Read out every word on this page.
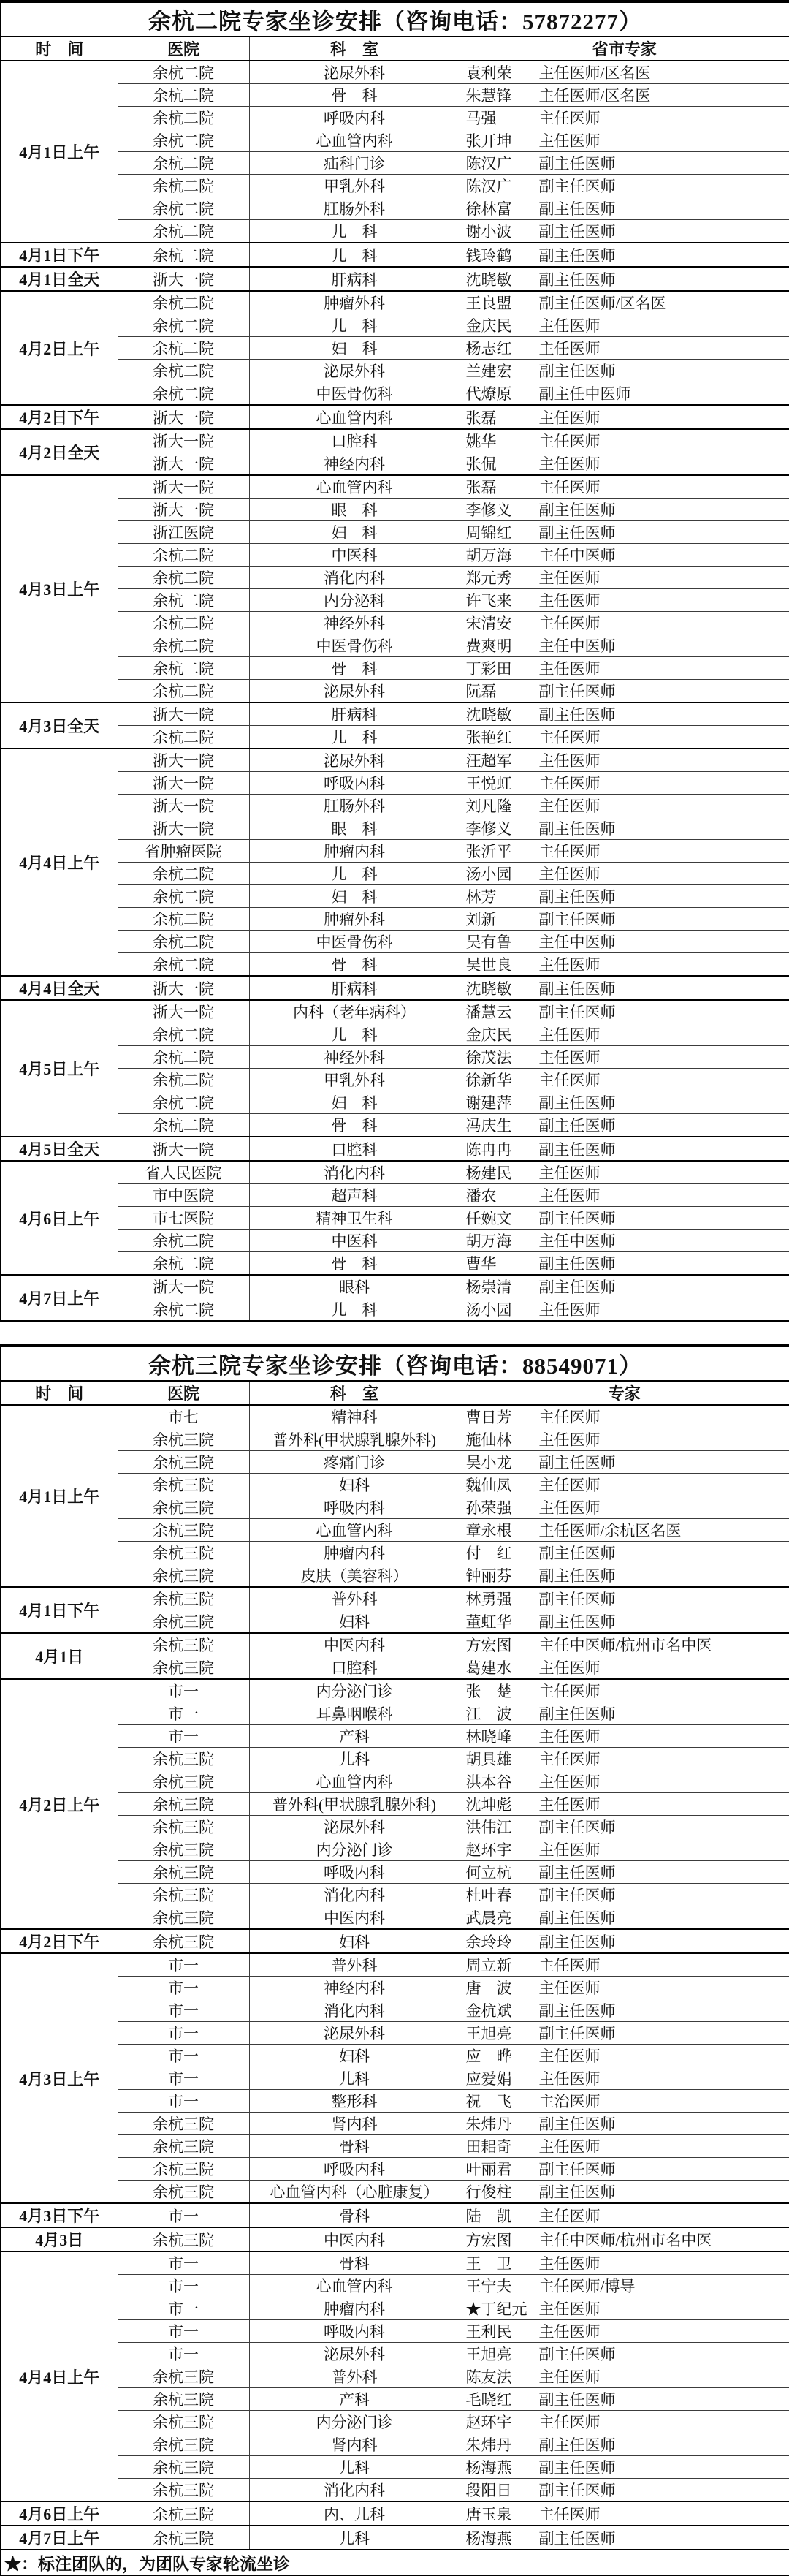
余杭二院专家坐诊安排（咨询电话：57872277）			
时　间	医院	科　室	省市专家
4月1日上午	余杭二院	泌尿外科	袁利荣 主任医师/区名医
	余杭二院	骨　科	朱慧锋 主任医师/区名医
	余杭二院	呼吸内科	马强 主任医师
	余杭二院	心血管内科	张开坤 主任医师
	余杭二院	疝科门诊	陈汉广 副主任医师
	余杭二院	甲乳外科	陈汉广 副主任医师
	余杭二院	肛肠外科	徐林富 副主任医师
	余杭二院	儿　科	谢小波 副主任医师
4月1日下午	余杭二院	儿　科	钱玲鹤 副主任医师
4月1日全天	浙大一院	肝病科	沈晓敏 副主任医师
4月2日上午	余杭二院	肿瘤外科	王良盟 副主任医师/区名医
	余杭二院	儿　科	金庆民 主任医师
	余杭二院	妇　科	杨志红 主任医师
	余杭二院	泌尿外科	兰建宏 副主任医师
	余杭二院	中医骨伤科	代燎原 副主任中医师
4月2日下午	浙大一院	心血管内科	张磊 主任医师
4月2日全天	浙大一院	口腔科	姚华 主任医师
	浙大一院	神经内科	张侃 主任医师
4月3日上午	浙大一院	心血管内科	张磊 主任医师
	浙大一院	眼　科	李修义 副主任医师
	浙江医院	妇　科	周锦红 副主任医师
	余杭二院	中医科	胡万海 主任中医师
	余杭二院	消化内科	郑元秀 主任医师
	余杭二院	内分泌科	许飞来 主任医师
	余杭二院	神经外科	宋清安 主任医师
	余杭二院	中医骨伤科	费爽明 主任中医师
	余杭二院	骨　科	丁彩田 主任医师
	余杭二院	泌尿外科	阮磊 副主任医师
4月3日全天	浙大一院	肝病科	沈晓敏 副主任医师
	余杭二院	儿　科	张艳红 主任医师
4月4日上午	浙大一院	泌尿外科	汪超军 主任医师
	浙大一院	呼吸内科	王悦虹 主任医师
	浙大一院	肛肠外科	刘凡隆 主任医师
	浙大一院	眼　科	李修义 副主任医师
	省肿瘤医院	肿瘤内科	张沂平 主任医师
	余杭二院	儿　科	汤小园 主任医师
	余杭二院	妇　科	林芳 副主任医师
	余杭二院	肿瘤外科	刘新 副主任医师
	余杭二院	中医骨伤科	吴有鲁 主任中医师
	余杭二院	骨　科	吴世良 主任医师
4月4日全天	浙大一院	肝病科	沈晓敏 副主任医师
4月5日上午	浙大一院	内科（老年病科）	潘慧云 副主任医师
	余杭二院	儿　科	金庆民 主任医师
	余杭二院	神经外科	徐茂法 主任医师
	余杭二院	甲乳外科	徐新华 主任医师
	余杭二院	妇　科	谢建萍 副主任医师
	余杭二院	骨　科	冯庆生 副主任医师
4月5日全天	浙大一院	口腔科	陈冉冉 副主任医师
4月6日上午	省人民医院	消化内科	杨建民 主任医师
	市中医院	超声科	潘农 主任医师
	市七医院	精神卫生科	任婉文 副主任医师
	余杭二院	中医科	胡万海 主任中医师
	余杭二院	骨　科	曹华 副主任医师
4月7日上午	浙大一院	眼科	杨崇清 副主任医师
	余杭二院	儿　科	汤小园 主任医师
余杭三院专家坐诊安排（咨询电话：88549071）			
时　间	医院	科　室	专家
4月1日上午	市七	精神科	曹日芳 主任医师
	余杭三院	普外科(甲状腺乳腺外科)	施仙林 主任医师
	余杭三院	疼痛门诊	吴小龙 副主任医师
	余杭三院	妇科	魏仙凤 主任医师
	余杭三院	呼吸内科	孙荣强 主任医师
	余杭三院	心血管内科	章永根 主任医师/余杭区名医
	余杭三院	肿瘤内科	付　红 副主任医师
	余杭三院	皮肤（美容科）	钟丽芬 副主任医师
4月1日下午	余杭三院	普外科	林勇强 副主任医师
	余杭三院	妇科	董虹华 副主任医师
4月1日	余杭三院	中医内科	方宏图 主任中医师/杭州市名中医
	余杭三院	口腔科	葛建水 主任医师
4月2日上午	市一	内分泌门诊	张　楚 主任医师
	市一	耳鼻咽喉科	江　波 副主任医师
	市一	产科	林晓峰 主任医师
	余杭三院	儿科	胡具雄 主任医师
	余杭三院	心血管内科	洪本谷 主任医师
	余杭三院	普外科(甲状腺乳腺外科)	沈坤彪 主任医师
	余杭三院	泌尿外科	洪伟江 副主任医师
	余杭三院	内分泌门诊	赵环宇 主任医师
	余杭三院	呼吸内科	何立杭 副主任医师
	余杭三院	消化内科	杜叶春 副主任医师
	余杭三院	中医内科	武晨亮 副主任医师
4月2日下午	余杭三院	妇科	余玲玲 副主任医师
4月3日上午	市一	普外科	周立新 主任医师
	市一	神经内科	唐　波 主任医师
	市一	消化内科	金杭斌 副主任医师
	市一	泌尿外科	王旭亮 副主任医师
	市一	妇科	应　晔 主任医师
	市一	儿科	应爱娟 主任医师
	市一	整形科	祝　飞 主治医师
	余杭三院	肾内科	朱炜丹 副主任医师
	余杭三院	骨科	田耜奇 主任医师
	余杭三院	呼吸内科	叶丽君 副主任医师
	余杭三院	心血管内科（心脏康复）	行俊柱 副主任医师
4月3日下午	市一	骨科	陆　凯 主任医师
4月3日	余杭三院	中医内科	方宏图 主任中医师/杭州市名中医
4月4日上午	市一	骨科	王　卫 主任医师
	市一	心血管内科	王宁夫 主任医师/博导
	市一	肿瘤内科	★丁纪元 主任医师
	市一	呼吸内科	王利民 主任医师
	市一	泌尿外科	王旭亮 副主任医师
	余杭三院	普外科	陈友法 主任医师
	余杭三院	产科	毛晓红 副主任医师
	余杭三院	内分泌门诊	赵环宇 主任医师
	余杭三院	肾内科	朱炜丹 副主任医师
	余杭三院	儿科	杨海燕 副主任医师
	余杭三院	消化内科	段阳日 副主任医师
4月6日上午	余杭三院	内、儿科	唐玉泉 主任医师
4月7日上午	余杭三院	儿科	杨海燕 副主任医师
★：标注团队的，为团队专家轮流坐诊			
